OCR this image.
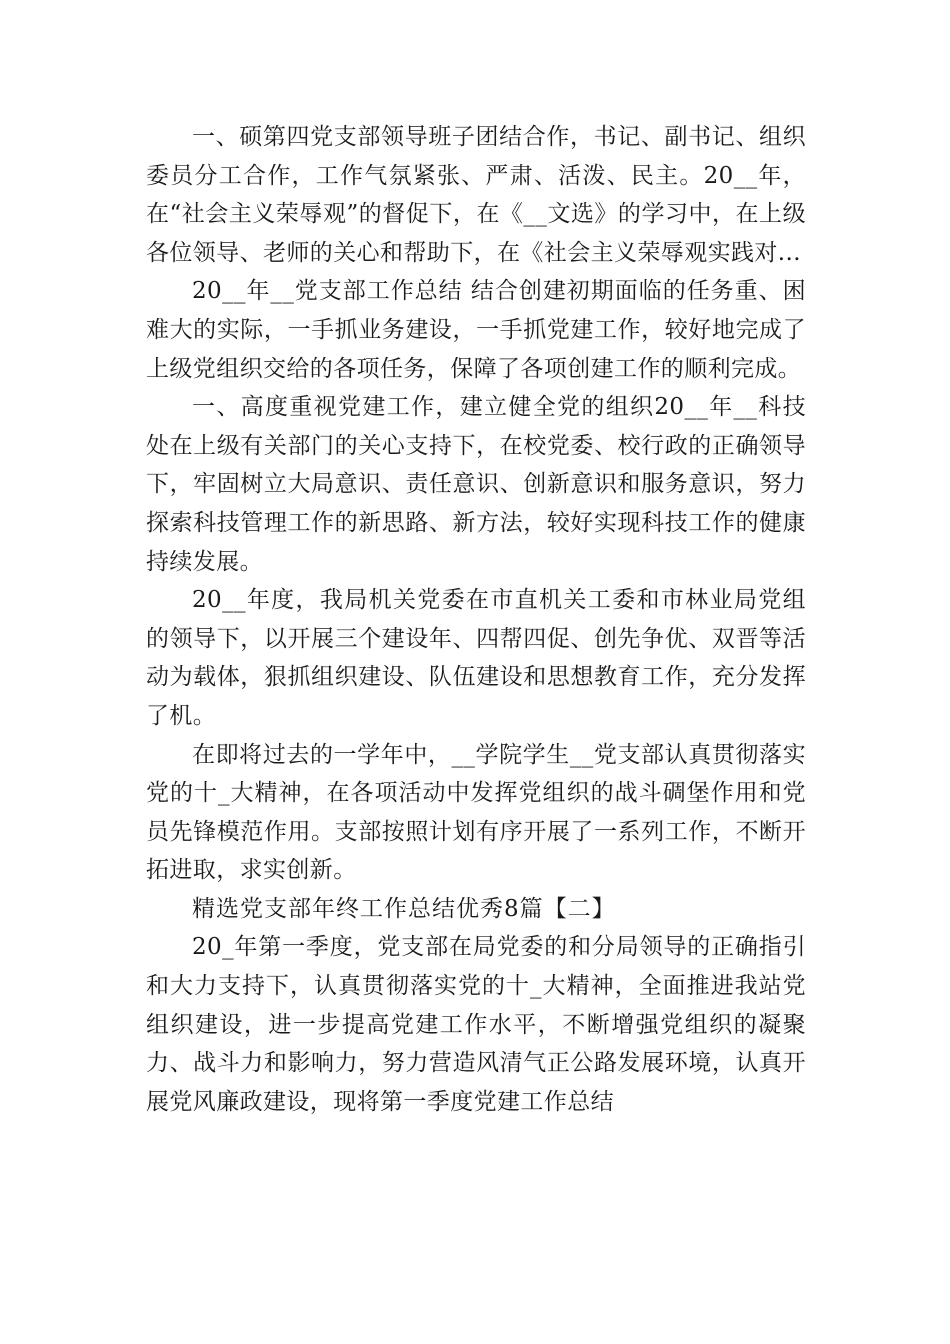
一、硕第四党支部领导班子团结合作，书记、副书记、组织委员分工合作，工作气氛紧张、严肃、活泼、民主。20__年，在“社会主义荣辱观”的督促下，在《__文选》的学习中，在上级各位领导、老师的关心和帮助下，在《社会主义荣辱观实践对...

20__年__党支部工作总结 结合创建初期面临的任务重、困难大的实际，一手抓业务建设，一手抓党建工作，较好地完成了上级党组织交给的各项任务，保障了各项创建工作的顺利完成。

一、高度重视党建工作，建立健全党的组织20__年__科技处在上级有关部门的关心支持下，在校党委、校行政的正确领导下，牢固树立大局意识、责任意识、创新意识和服务意识，努力探索科技管理工作的新思路、新方法，较好实现科技工作的健康持续发展。

20__年度，我局机关党委在市直机关工委和市林业局党组的领导下，以开展三个建设年、四帮四促、创先争优、双晋等活动为载体，狠抓组织建设、队伍建设和思想教育工作，充分发挥了机。

在即将过去的一学年中，__学院学生__党支部认真贯彻落实党的十_大精神，在各项活动中发挥党组织的战斗碉堡作用和党员先锋模范作用。支部按照计划有序开展了一系列工作，不断开拓进取，求实创新。

精选党支部年终工作总结优秀8篇【二】

20_年第一季度，党支部在局党委的和分局领导的正确指引和大力支持下，认真贯彻落实党的十_大精神，全面推进我站党组织建设，进一步提高党建工作水平，不断增强党组织的凝聚力、战斗力和影响力，努力营造风清气正公路发展环境，认真开展党风廉政建设，现将第一季度党建工作总结
